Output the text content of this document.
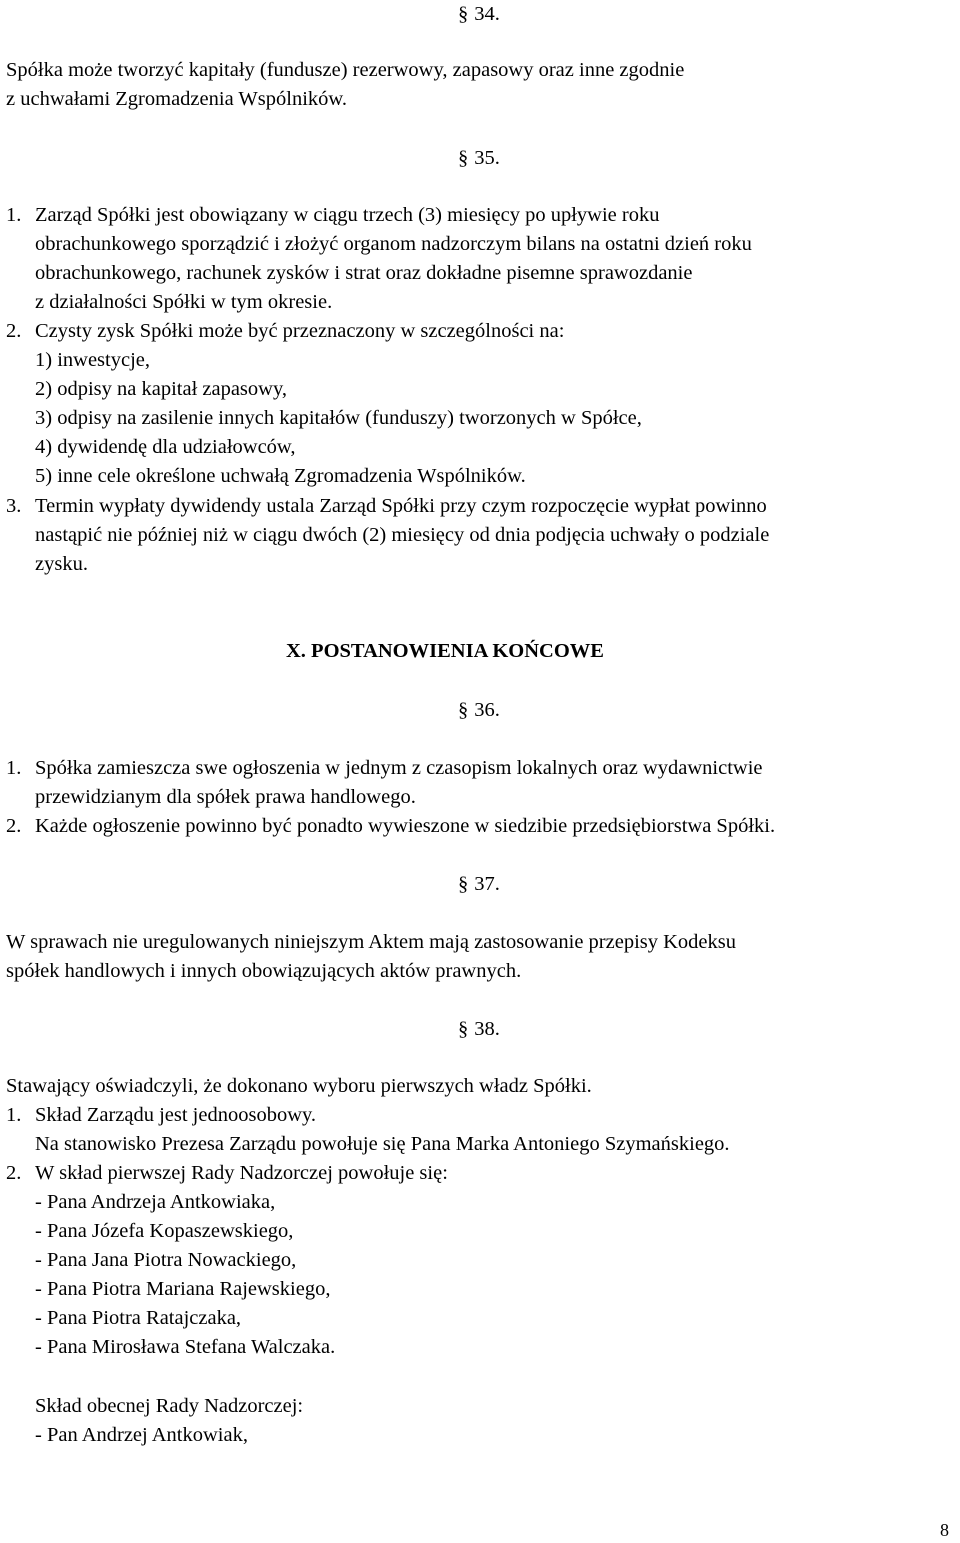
§ 34.
Spółka może tworzyć kapitały (fundusze) rezerwowy, zapasowy oraz inne zgodnie
z uchwałami Zgromadzenia Wspólników.
§ 35.
1. Zarząd Spółki jest obowiązany w ciągu trzech (3) miesięcy po upływie roku
obrachunkowego sporządzić i złożyć organom nadzorczym bilans na ostatni dzień roku
obrachunkowego, rachunek zysków i strat oraz dokładne pisemne sprawozdanie
z działalności Spółki w tym okresie.
2. Czysty zysk Spółki może być przeznaczony w szczególności na:
1) inwestycje,
2) odpisy na kapitał zapasowy,
3) odpisy na zasilenie innych kapitałów (funduszy) tworzonych w Spółce,
4) dywidendę dla udziałowców,
5) inne cele określone uchwałą Zgromadzenia Wspólników.
3. Termin wypłaty dywidendy ustala Zarząd Spółki przy czym rozpoczęcie wypłat powinno
nastąpić nie później niż w ciągu dwóch (2) miesięcy od dnia podjęcia uchwały o podziale
zysku.
X. POSTANOWIENIA KOŃCOWE
§ 36.
1. Spółka zamieszcza swe ogłoszenia w jednym z czasopism lokalnych oraz wydawnictwie
przewidzianym dla spółek prawa handlowego.
2. Każde ogłoszenie powinno być ponadto wywieszone w siedzibie przedsiębiorstwa Spółki.
§ 37.
W sprawach nie uregulowanych niniejszym Aktem mają zastosowanie przepisy Kodeksu
spółek handlowych i innych obowiązujących aktów prawnych.
§ 38.
Stawający oświadczyli, że dokonano wyboru pierwszych władz Spółki.
1. Skład Zarządu jest jednoosobowy.
Na stanowisko Prezesa Zarządu powołuje się Pana Marka Antoniego Szymańskiego.
2. W skład pierwszej Rady Nadzorczej powołuje się:
- Pana Andrzeja Antkowiaka,
- Pana Józefa Kopaszewskiego,
- Pana Jana Piotra Nowackiego,
- Pana Piotra Mariana Rajewskiego,
- Pana Piotra Ratajczaka,
- Pana Mirosława Stefana Walczaka.
Skład obecnej Rady Nadzorczej:
- Pan Andrzej Antkowiak,
8
